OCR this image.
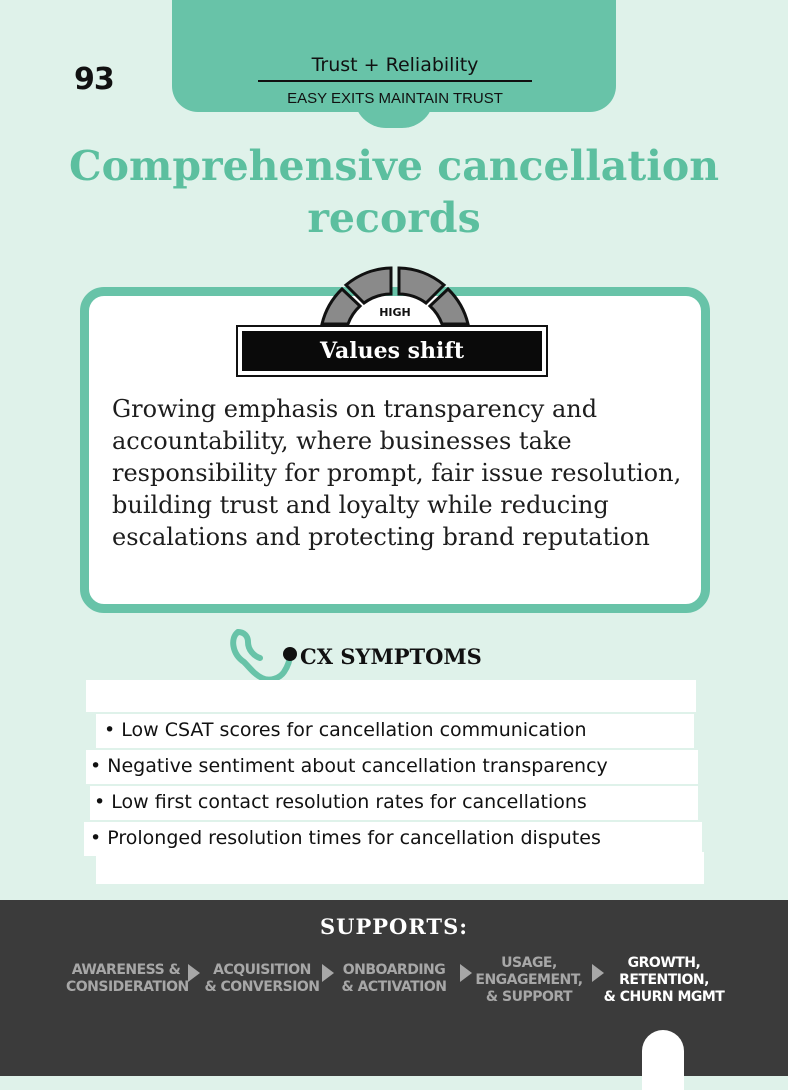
93	Trust + Reliability
EASY EXITS MAINTAIN TRUST
Comprehensive cancellation records
HIGH
Values shift
Growing emphasis on transparency and accountability, where businesses take responsibility for prompt, fair issue resolution, building trust and loyalty while reducing escalations and protecting brand reputation
CX SYMPTOMS
• Low CSAT scores for cancellation communication
• Negative sentiment about cancellation transparency
• Low first contact resolution rates for cancellations
• Prolonged resolution times for cancellation disputes
SUPPORTS:
AWARENESS &
CONSIDERATION
ACQUISITION
& CONVERSION
ONBOARDING
& ACTIVATION
USAGE,
ENGAGEMENT,
& SUPPORT
GROWTH,
RETENTION,
& CHURN MGMT
